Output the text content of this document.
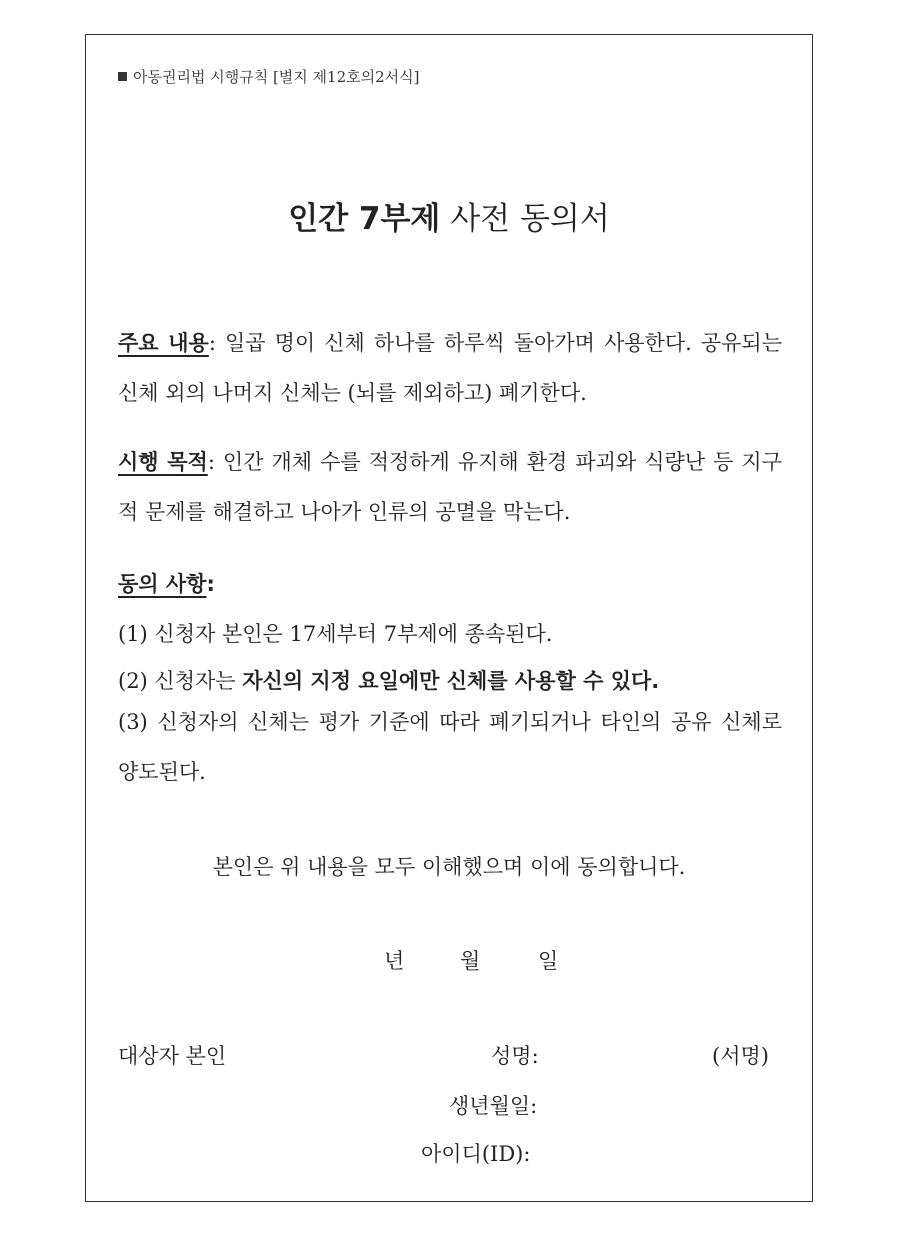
아동권리법 시행규칙 [별지 제12호의2서식]
인간 7부제 사전 동의서
주요 내용: 일곱 명이 신체 하나를 하루씩 돌아가며 사용한다. 공유되는 신체 외의 나머지 신체는 (뇌를 제외하고) 폐기한다.
시행 목적: 인간 개체 수를 적정하게 유지해 환경 파괴와 식량난 등 지구적 문제를 해결하고 나아가 인류의 공멸을 막는다.
동의 사항:
(1) 신청자 본인은 17세부터 7부제에 종속된다.
(2) 신청자는 자신의 지정 요일에만 신체를 사용할 수 있다.
(3) 신청자의 신체는 평가 기준에 따라 폐기되거나 타인의 공유 신체로 양도된다.
본인은 위 내용을 모두 이해했으며 이에 동의합니다.
년	월	일
대상자 본인	성명:	(서명)
생년월일:
아이디(ID):
